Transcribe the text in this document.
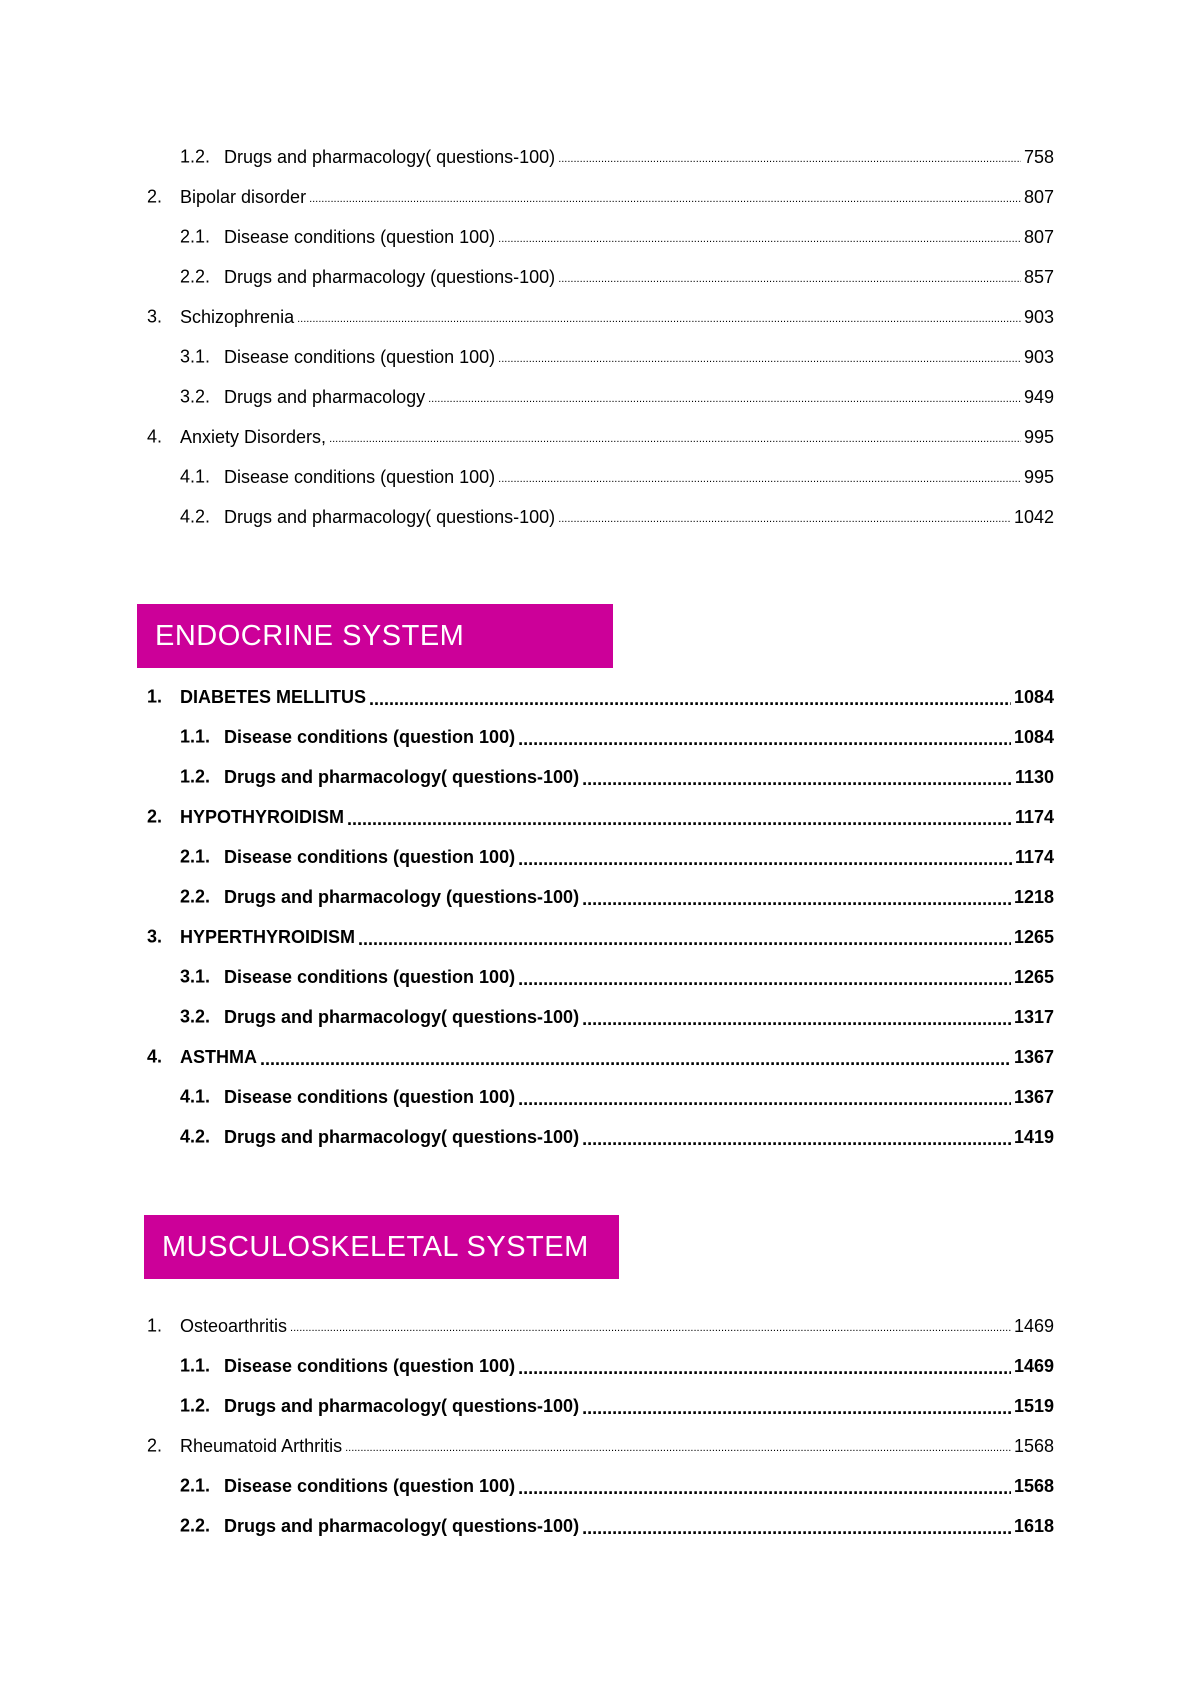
1.2. Drugs and pharmacology( questions-100) .....	758
2. Bipolar disorder .....	807
2.1. Disease conditions (question 100) .....	807
2.2. Drugs and pharmacology (questions-100) .....	857
3. Schizophrenia .....	903
3.1. Disease conditions (question 100) .....	903
3.2. Drugs and pharmacology .....	949
4. Anxiety Disorders, .....	995
4.1. Disease conditions (question 100) .....	995
4.2. Drugs and pharmacology( questions-100) .....	1042
ENDOCRINE SYSTEM
1. DIABETES MELLITUS .....	1084
1.1. Disease conditions (question 100) .....	1084
1.2. Drugs and pharmacology( questions-100) .....	1130
2. HYPOTHYROIDISM .....	1174
2.1. Disease conditions (question 100) .....	1174
2.2. Drugs and pharmacology (questions-100) .....	1218
3. HYPERTHYROIDISM .....	1265
3.1. Disease conditions (question 100) .....	1265
3.2. Drugs and pharmacology( questions-100) .....	1317
4. ASTHMA .....	1367
4.1. Disease conditions (question 100) .....	1367
4.2. Drugs and pharmacology( questions-100) .....	1419
MUSCULOSKELETAL SYSTEM
1. Osteoarthritis .....	1469
1.1. Disease conditions (question 100) .....	1469
1.2. Drugs and pharmacology( questions-100) .....	1519
2. Rheumatoid Arthritis .....	1568
2.1. Disease conditions (question 100) .....	1568
2.2. Drugs and pharmacology( questions-100) .....	1618
